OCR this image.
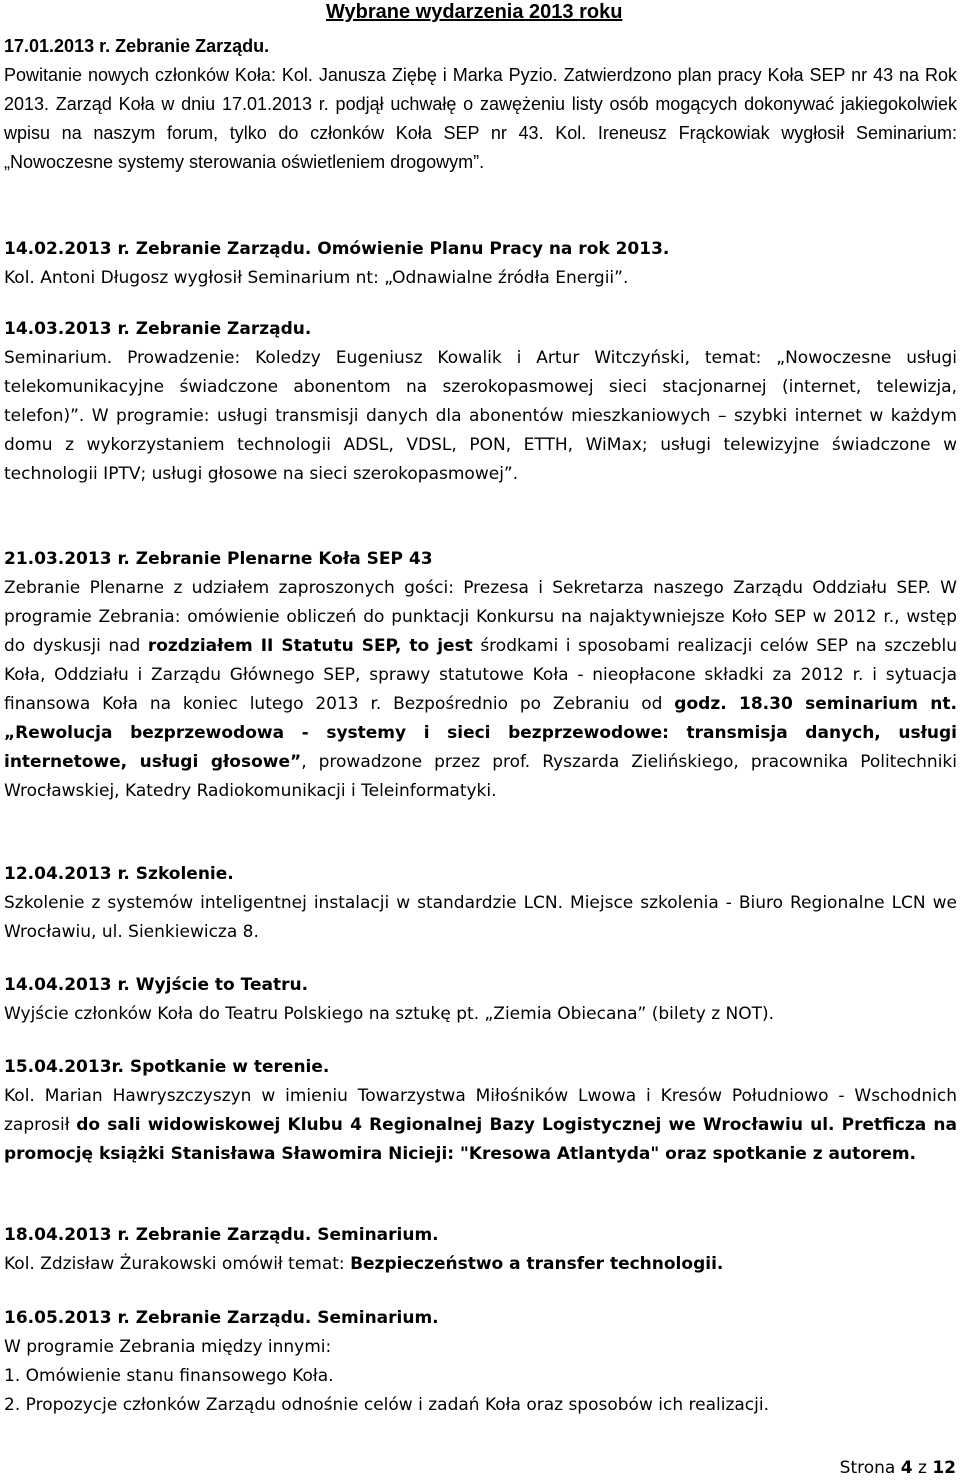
Wybrane wydarzenia 2013 roku

17.01.2013 r. Zebranie Zarządu.

Powitanie nowych członków Koła: Kol. Janusza Ziębę i Marka Pyzio. Zatwierdzono plan pracy Koła SEP nr 43 na Rok 2013. Zarząd Koła w dniu 17.01.2013 r. podjął uchwałę o zawężeniu listy osób mogących dokonywać jakiegokolwiek wpisu na naszym forum, tylko do członków Koła SEP nr 43. Kol. Ireneusz Frąckowiak wygłosił Seminarium: „Nowoczesne systemy sterowania oświetleniem drogowym”.

14.02.2013 r. Zebranie Zarządu. Omówienie Planu Pracy na rok 2013.

Kol. Antoni Długosz wygłosił Seminarium nt: „Odnawialne źródła Energii”.

14.03.2013 r. Zebranie Zarządu.

Seminarium. Prowadzenie: Koledzy Eugeniusz Kowalik i Artur Witczyński, temat: „Nowoczesne usługi telekomunikacyjne świadczone abonentom na szerokopasmowej sieci stacjonarnej (internet, telewizja, telefon)”. W programie: usługi transmisji danych dla abonentów mieszkaniowych – szybki internet w każdym domu z wykorzystaniem technologii ADSL, VDSL, PON, ETTH, WiMax; usługi telewizyjne świadczone w technologii IPTV; usługi głosowe na sieci szerokopasmowej”.

21.03.2013 r. Zebranie Plenarne Koła SEP 43

Zebranie Plenarne z udziałem zaproszonych gości: Prezesa i Sekretarza naszego Zarządu Oddziału SEP. W programie Zebrania: omówienie obliczeń do punktacji Konkursu na najaktywniejsze Koło SEP w 2012 r., wstęp do dyskusji nad rozdziałem II Statutu SEP, to jest środkami i sposobami realizacji celów SEP na szczeblu Koła, Oddziału i Zarządu Głównego SEP, sprawy statutowe Koła - nieopłacone składki za 2012 r. i sytuacja finansowa Koła na koniec lutego 2013 r. Bezpośrednio po Zebraniu od godz. 18.30 seminarium nt. „Rewolucja bezprzewodowa - systemy i sieci bezprzewodowe: transmisja danych, usługi internetowe, usługi głosowe”, prowadzone przez prof. Ryszarda Zielińskiego, pracownika Politechniki Wrocławskiej, Katedry Radiokomunikacji i Teleinformatyki.

12.04.2013 r. Szkolenie.

Szkolenie z systemów inteligentnej instalacji w standardzie LCN. Miejsce szkolenia - Biuro Regionalne LCN we Wrocławiu, ul. Sienkiewicza 8.

14.04.2013 r. Wyjście to Teatru.

Wyjście członków Koła do Teatru Polskiego na sztukę pt. „Ziemia Obiecana” (bilety z NOT).

15.04.2013r. Spotkanie w terenie.

Kol. Marian Hawryszczyszyn w imieniu Towarzystwa Miłośników Lwowa i Kresów Południowo - Wschodnich zaprosił do sali widowiskowej Klubu 4 Regionalnej Bazy Logistycznej we Wrocławiu ul. Pretficza na promocję książki Stanisława Sławomira Nicieji: "Kresowa Atlantyda" oraz spotkanie z autorem.

18.04.2013 r. Zebranie Zarządu. Seminarium.

Kol. Zdzisław Żurakowski omówił temat: Bezpieczeństwo a transfer technologii.

16.05.2013 r. Zebranie Zarządu. Seminarium.

W programie Zebrania między innymi:

1. Omówienie stanu finansowego Koła.

2. Propozycje członków Zarządu odnośnie celów i zadań Koła oraz sposobów ich realizacji.

Strona 4 z 12
